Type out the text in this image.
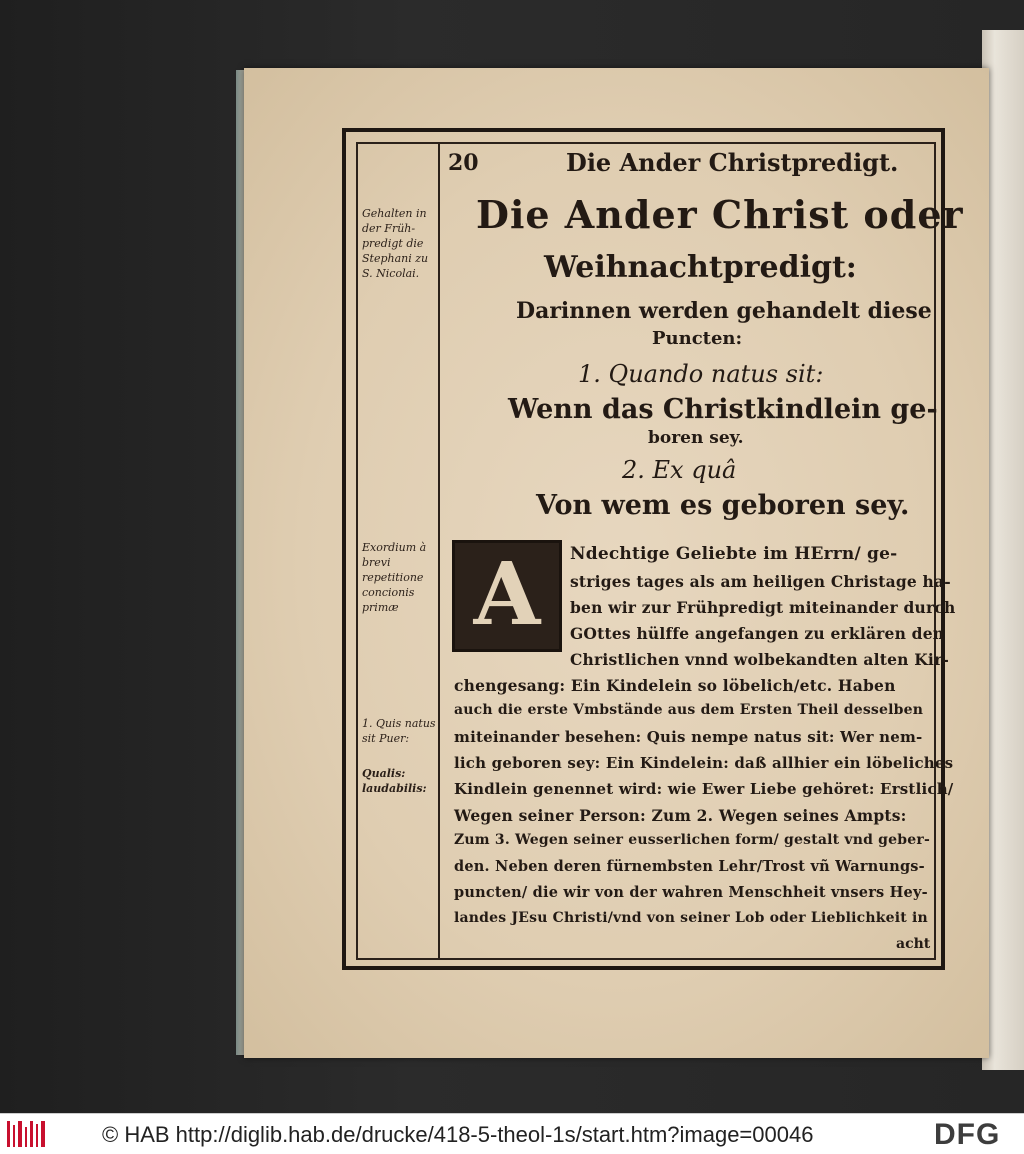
20	Die Ander Christpredigt.
Die Ander Christ oder
Weihnachtpredigt:
Darinnen werden gehandelt diese
Puncten:
1. Quando natus sit:
Wenn das Christkindlein ge-
boren sey.
2. Ex quâ
Von wem es geboren sey.
A	Ndechtige Geliebte im HErrn/ ge-
striges tages als am heiligen Christage ha-
ben wir zur Frühpredigt miteinander durch
GOttes hülffe angefangen zu erklären den
Christlichen vnnd wolbekandten alten Kir-
chengesang: Ein Kindelein so löbelich/etc. Haben
auch die erste Vmbstände aus dem Ersten Theil desselben
miteinander besehen: Quis nempe natus sit: Wer nem-
lich geboren sey: Ein Kindelein: daß allhier ein löbeliches
Kindlein genennet wird: wie Ewer Liebe gehöret: Erstlich/
Wegen seiner Person: Zum 2. Wegen seines Ampts:
Zum 3. Wegen seiner eusserlichen form/ gestalt vnd geber-
den. Neben deren fürnembsten Lehr/Trost vñ Warnungs-
puncten/ die wir von der wahren Menschheit vnsers Hey-
landes JEsu Christi/vnd von seiner Lob oder Lieblichkeit in
acht
Gehalten in der Früh-predigt die Stephani zu S. Nicolai.
Exordium à brevi repetitione concionis primæ
1. Quis natus sit Puer:
Qualis: laudabilis:
© HAB http://diglib.hab.de/drucke/418-5-theol-1s/start.htm?image=00046	DFG
